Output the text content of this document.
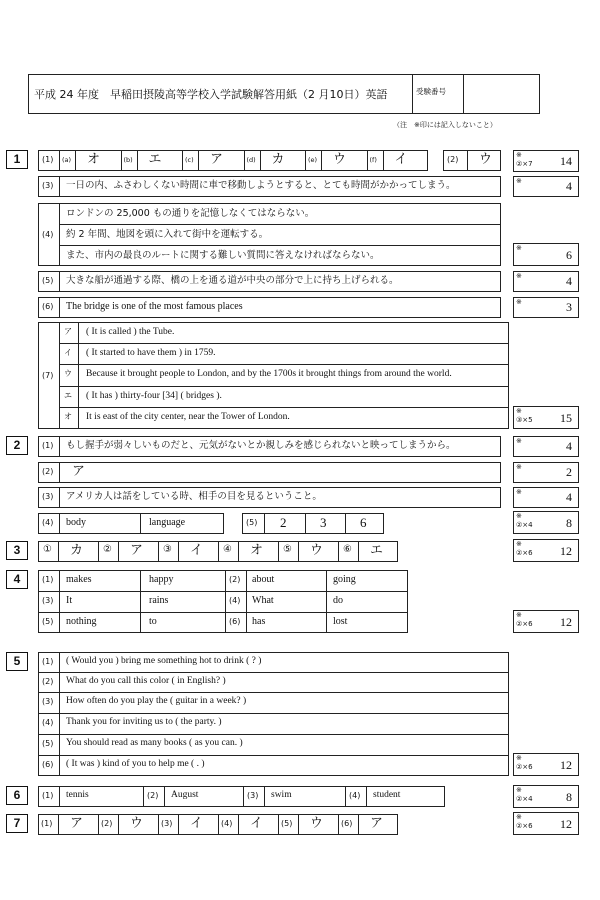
平成 24 年度　早稲田摂陵高等学校入学試験解答用紙（2 月10日）英語	受験番号
（注　※印には記入しないこと）
1	(1) (a) オ	(b) エ	(c) ア	(d) カ	(e) ウ	(f) イ	(2) ウ	※
②×7 14
(3) 一日の内、ふさわしくない時間に車で移動しようとすると、とても時間がかかってしまう。	※	4
(4)
ロンドンの 25,000 もの通りを記憶しなくてはならない。
約 2 年間、地図を頭に入れて街中を運転する。
また、市内の最良のルートに関する難しい質問に答えなければならない。
※	6
(5) 大きな船が通過する際、橋の上を通る道が中央の部分で上に持ち上げられる。	※	4
(6) The bridge is one of the most famous places	※	3
(7)
ア ( It is called ) the Tube.
イ ( It started to have them ) in 1759.
ウ Because it brought people to London, and by the 1700s it brought things from around the world.
エ ( It has ) thirty-four [34] ( bridges ).
オ It is east of the city center, near the Tower of London.
※
③×5 15
2	(1) もし握手が弱々しいものだと、元気がないとか親しみを感じられないと映ってしまうから。	※	4
(2) ア	※	2
(3) アメリカ人は話をしている時、相手の目を見るということ。	※	4
(4) body	language	(5) 2	3	6	※
②×4	8
3	① カ ② ア ③ イ ④ オ ⑤ ウ ⑥ エ	※
②×6 12
4	(1) makes	happy	(2) about	going
(3) It	rains	(4) What	do
(5) nothing	to	(6) has	lost
※
②×6 12
5	(1) ( Would you ) bring me something hot to drink ( ? )
(2) What do you call this color ( in English? )
(3) How often do you play the ( guitar in a week? )
(4) Thank you for inviting us to ( the party. )
(5) You should read as many books ( as you can. )
(6) ( It was ) kind of you to help me ( . )
※
②×6 12
6	(1) tennis	(2) August	(3) swim	(4) student	※
②×4	8
7	(1) ア (2) ウ (3) イ (4) イ (5) ウ (6) ア	※
②×6 12
